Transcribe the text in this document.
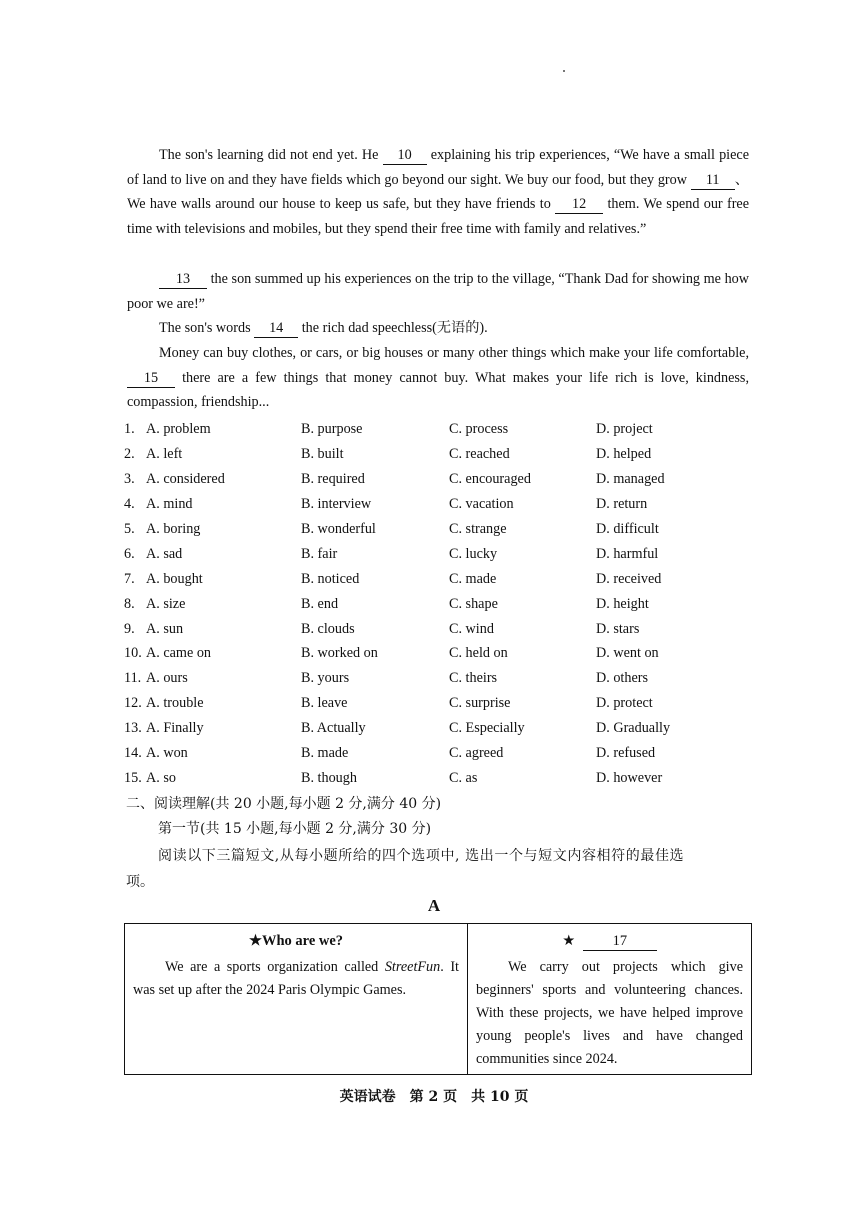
The son's learning did not end yet. He 10 explaining his trip experiences, “We have a small piece of land to live on and they have fields which go beyond our sight. We buy our food, but they grow 11 、 We have walls around our house to keep us safe, but they have friends to 12 them. We spend our free time with televisions and mobiles, but they spend their free time with family and relatives.”
13 the son summed up his experiences on the trip to the village, “Thank Dad for showing me how poor we are!”
The son's words 14 the rich dad speechless(无语的).
Money can buy clothes, or cars, or big houses or many other things which make your life comfortable, 15 there are a few things that money cannot buy. What makes your life rich is love, kindness, compassion, friendship...
1. A. problem	B. purpose	C. process	D. project
2. A. left	B. built	C. reached	D. helped
3. A. considered	B. required	C. encouraged	D. managed
4. A. mind	B. interview	C. vacation	D. return
5. A. boring	B. wonderful	C. strange	D. difficult
6. A. sad	B. fair	C. lucky	D. harmful
7. A. bought	B. noticed	C. made	D. received
8. A. size	B. end	C. shape	D. height
9. A. sun	B. clouds	C. wind	D. stars
10. A. came on	B. worked on	C. held on	D. went on
11. A. ours	B. yours	C. theirs	D. others
12. A. trouble	B. leave	C. surprise	D. protect
13. A. Finally	B. Actually	C. Especially	D. Gradually
14. A. won	B. made	C. agreed	D. refused
15. A. so	B. though	C. as	D. however
二、阅读理解(共 20 小题,每小题 2 分,满分 40 分)
第一节(共 15 小题,每小题 2 分,满分 30 分)
阅读以下三篇短文,从每小题所给的四个选项中, 选出一个与短文内容相符的最佳选
项。
A
★Who are we?
We are a sports organization called StreetFun. It was set up after the 2024 Paris Olympic Games.
★	17
We carry out projects which give beginners' sports and volunteering chances. With these projects, we have helped improve young people's lives and have changed communities since 2024.
英语试卷　第 2 页　共 10 页
